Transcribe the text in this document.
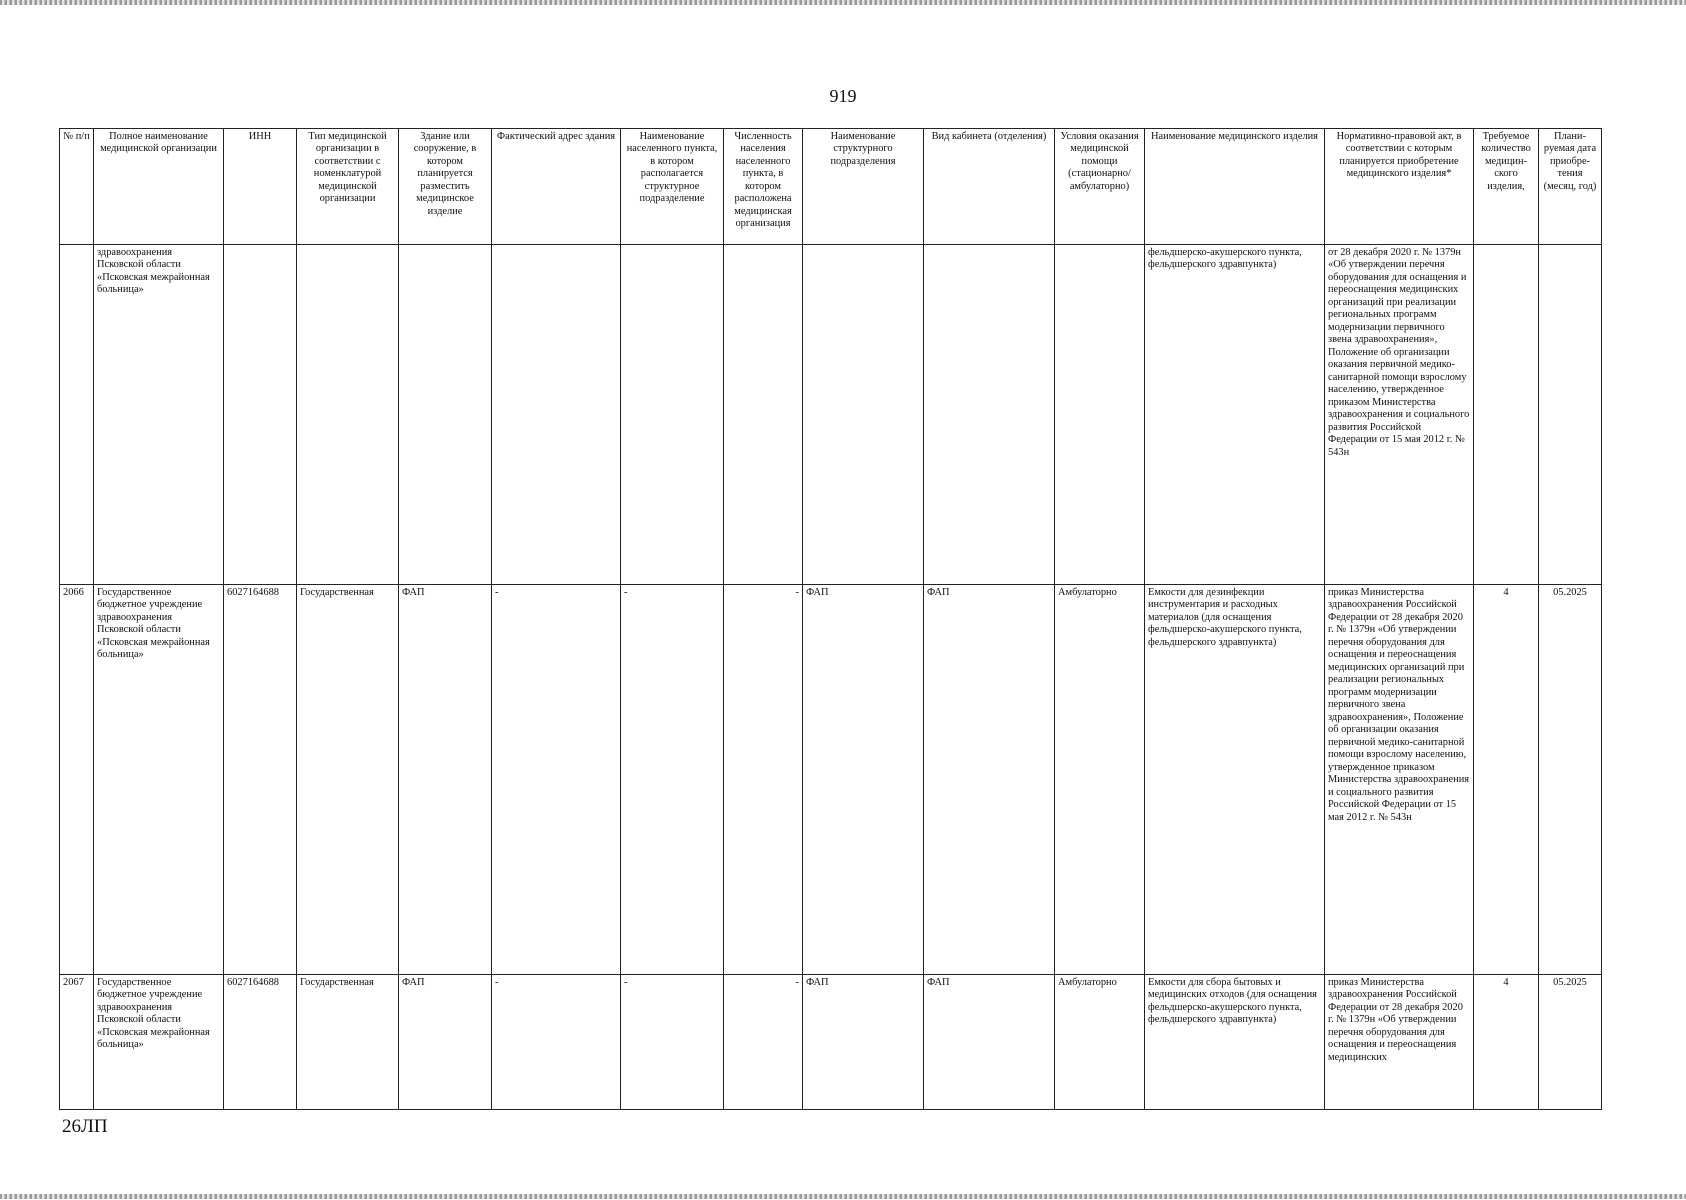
919
№ п/п	Полное наименование медицинской организации	ИНН	Тип медицинской организации в соответствии с номенклатурой медицинской организации	Здание или сооружение, в котором планируется разместить медицинское изделие	Фактический адрес здания	Наименование населенного пункта, в котором располагается структурное подразделение	Численность населения населенного пункта, в котором расположена медицинская организация	Наименование структурного подразделения	Вид кабинета (отделения)	Условия оказания медицинской помощи (стационарно/ амбулаторно)	Наименование медицинского изделия	Нормативно-правовой акт, в соответствии с которым планируется приобретение медицинского изделия*	Требуемое количество медицин-ского изделия,	Плани-руемая дата приобре-тения (месяц, год)
	здравоохранения Псковской области «Псковская межрайонная больница»										фельдшерско-акушерского пункта, фельдшерского здравпункта)	от 28 декабря 2020 г. № 1379н «Об утверждении перечня оборудования для оснащения и переоснащения медицинских организаций при реализации региональных программ модернизации первичного звена здравоохранения», Положение об организации оказания первичной медико-санитарной помощи взрослому населению, утвержденное приказом Министерства здравоохранения и социального развития Российской Федерации от 15 мая 2012 г. № 543н		
2066	Государственное бюджетное учреждение здравоохранения Псковской области «Псковская межрайонная больница»	6027164688	Государственная	ФАП	-	-	-	ФАП	ФАП	Амбулаторно	Емкости для дезинфекции инструментария и расходных материалов (для оснащения фельдшерско-акушерского пункта, фельдшерского здравпункта)	приказ Министерства здравоохранения Российской Федерации от 28 декабря 2020 г. № 1379н «Об утверждении перечня оборудования для оснащения и переоснащения медицинских организаций при реализации региональных программ модернизации первичного звена здравоохранения», Положение об организации оказания первичной медико-санитарной помощи взрослому населению, утвержденное приказом Министерства здравоохранения и социального развития Российской Федерации от 15 мая 2012 г. № 543н	4	05.2025
2067	Государственное бюджетное учреждение здравоохранения Псковской области «Псковская межрайонная больница»	6027164688	Государственная	ФАП	-	-	-	ФАП	ФАП	Амбулаторно	Емкости для сбора бытовых и медицинских отходов (для оснащения фельдшерско-акушерского пункта, фельдшерского здравпункта)	приказ Министерства здравоохранения Российской Федерации от 28 декабря 2020 г. № 1379н «Об утверждении перечня оборудования для оснащения и переоснащения медицинских	4	05.2025
26ЛП
